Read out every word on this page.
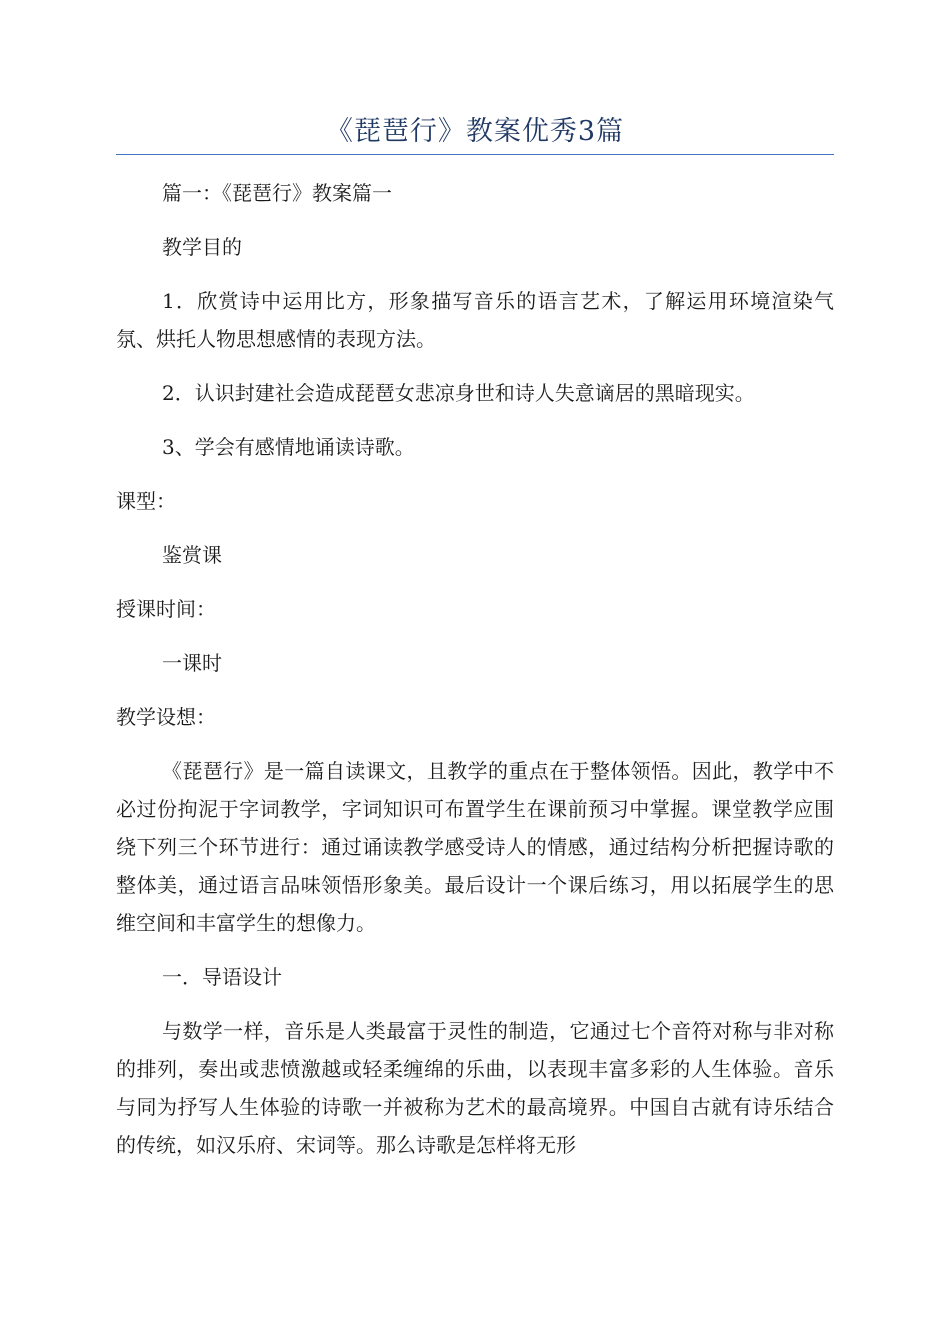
《琵琶行》教案优秀3篇

篇一：《琵琶行》教案篇一

教学目的

1．欣赏诗中运用比方，形象描写音乐的语言艺术，了解运用环境渲染气氛、烘托人物思想感情的表现方法。

2．认识封建社会造成琵琶女悲凉身世和诗人失意谪居的黑暗现实。

3、学会有感情地诵读诗歌。

课型：

鉴赏课

授课时间：

一课时

教学设想：

《琵琶行》是一篇自读课文，且教学的重点在于整体领悟。因此，教学中不必过份拘泥于字词教学，字词知识可布置学生在课前预习中掌握。课堂教学应围绕下列三个环节进行：通过诵读教学感受诗人的情感，通过结构分析把握诗歌的整体美，通过语言品味领悟形象美。最后设计一个课后练习，用以拓展学生的思维空间和丰富学生的想像力。

一．导语设计

与数学一样，音乐是人类最富于灵性的制造，它通过七个音符对称与非对称的排列，奏出或悲愤激越或轻柔缠绵的乐曲，以表现丰富多彩的人生体验。音乐与同为抒写人生体验的诗歌一并被称为艺术的最高境界。中国自古就有诗乐结合的传统，如汉乐府、宋词等。那么诗歌是怎样将无形
